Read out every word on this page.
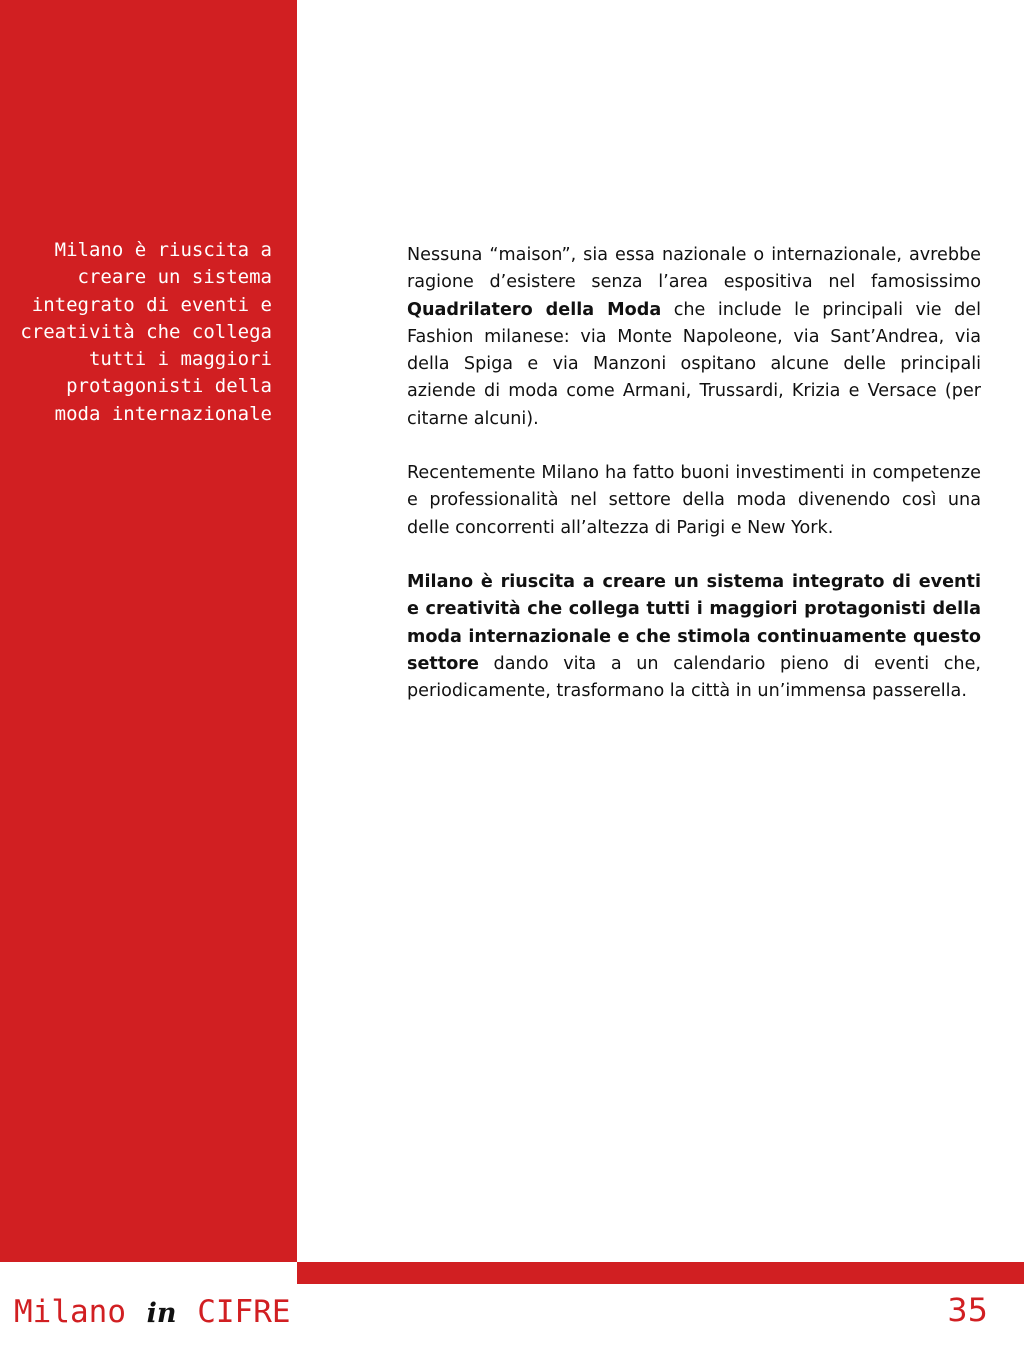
Milano è riuscita a creare un sistema integrato di eventi e creatività che collega tutti i maggiori protagonisti della moda internazionale

Nessuna “maison”, sia essa nazionale o internazionale, avrebbe ragione d’esistere senza l’area espositiva nel famosissimo Quadrilatero della Moda che include le principali vie del Fashion milanese: via Monte Napoleone, via Sant’Andrea, via della Spiga e via Manzoni ospitano alcune delle principali aziende di moda come Armani, Trussardi, Krizia e Versace (per citarne alcuni).

Recentemente Milano ha fatto buoni investimenti in competenze e professionalità nel settore della moda divenendo così una delle concorrenti all’altezza di Parigi e New York.

Milano è riuscita a creare un sistema integrato di eventi e creatività che collega tutti i maggiori protagonisti della moda internazionale e che stimola continuamente questo settore dando vita a un calendario pieno di eventi che, periodicamente, trasformano la città in un’immensa passerella.

Milano in CIFRE	35
